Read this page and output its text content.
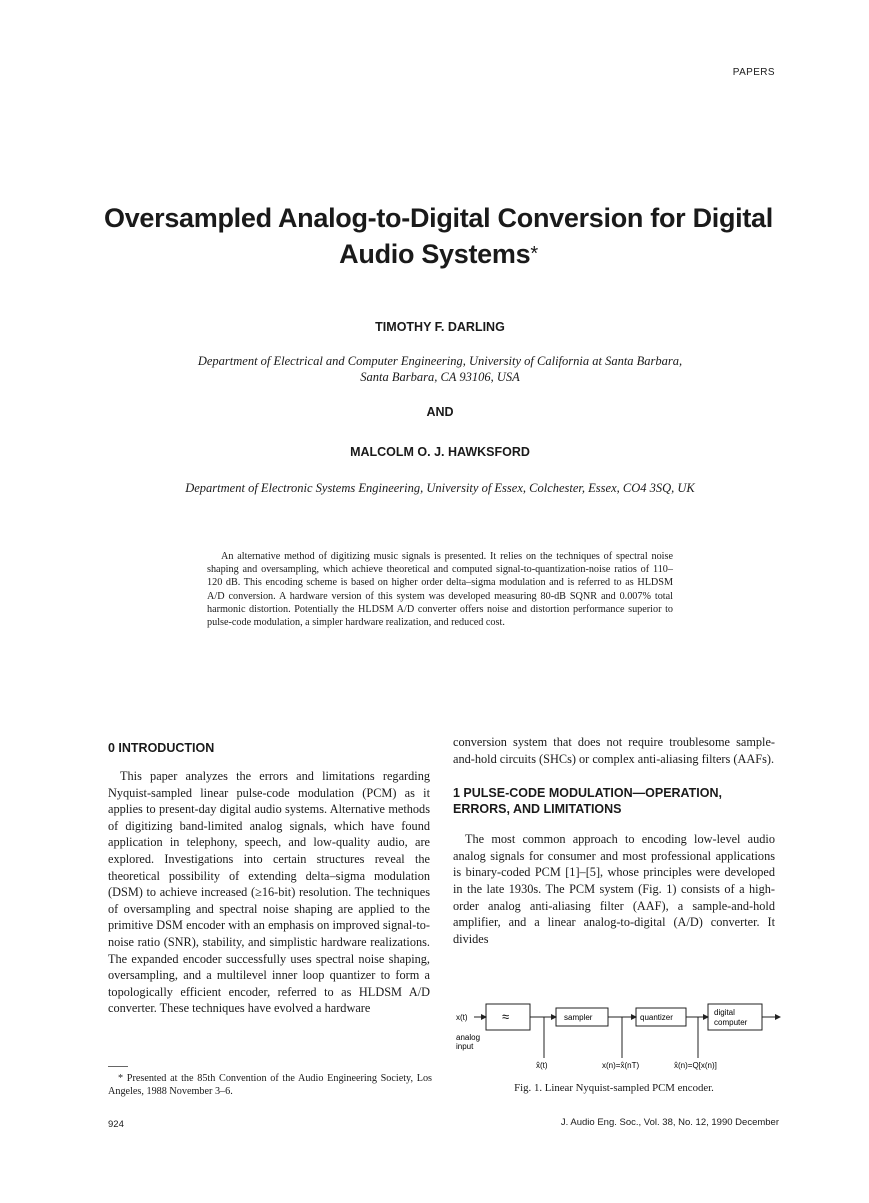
PAPERS
Oversampled Analog-to-Digital Conversion for Digital Audio Systems*
TIMOTHY F. DARLING
Department of Electrical and Computer Engineering, University of California at Santa Barbara,
Santa Barbara, CA 93106, USA
AND
MALCOLM O. J. HAWKSFORD
Department of Electronic Systems Engineering, University of Essex, Colchester, Essex, CO4 3SQ, UK
An alternative method of digitizing music signals is presented. It relies on the techniques of spectral noise shaping and oversampling, which achieve theoretical and computed signal-to-quantization-noise ratios of 110–120 dB. This encoding scheme is based on higher order delta–sigma modulation and is referred to as HLDSM A/D conversion. A hardware version of this system was developed measuring 80-dB SQNR and 0.007% total harmonic distortion. Potentially the HLDSM A/D converter offers noise and distortion performance superior to pulse-code modulation, a simpler hardware realization, and reduced cost.
0 INTRODUCTION

This paper analyzes the errors and limitations regarding Nyquist-sampled linear pulse-code modulation (PCM) as it applies to present-day digital audio systems. Alternative methods of digitizing band-limited analog signals, which have found application in telephony, speech, and low-quality audio, are explored. Investigations into certain structures reveal the theoretical possibility of extending delta–sigma modulation (DSM) to achieve increased (≥16-bit) resolution. The techniques of oversampling and spectral noise shaping are applied to the primitive DSM encoder with an emphasis on improved signal-to-noise ratio (SNR), stability, and simplistic hardware realizations. The expanded encoder successfully uses spectral noise shaping, oversampling, and a multilevel inner loop quantizer to form a topologically efficient encoder, referred to as HLDSM A/D converter. These techniques have evolved a hardware

conversion system that does not require troublesome sample-and-hold circuits (SHCs) or complex anti-aliasing filters (AAFs).

1 PULSE-CODE MODULATION—OPERATION,
ERRORS, AND LIMITATIONS

The most common approach to encoding low-level audio analog signals for consumer and most professional applications is binary-coded PCM [1]–[5], whose principles were developed in the late 1930s. The PCM system (Fig. 1) consists of a high-order analog anti-aliasing filter (AAF), a sample-and-hold amplifier, and a linear analog-to-digital (A/D) converter. It divides

x(t)
analog
input
≈
x̂(t)
sampler
x(n)=x̂(nT)
quantizer
x̂(n)=Q[x(n)]
digital
computer
Fig. 1. Linear Nyquist-sampled PCM encoder.
* Presented at the 85th Convention of the Audio Engineering Society, Los Angeles, 1988 November 3–6.
924	J. Audio Eng. Soc., Vol. 38, No. 12, 1990 December
